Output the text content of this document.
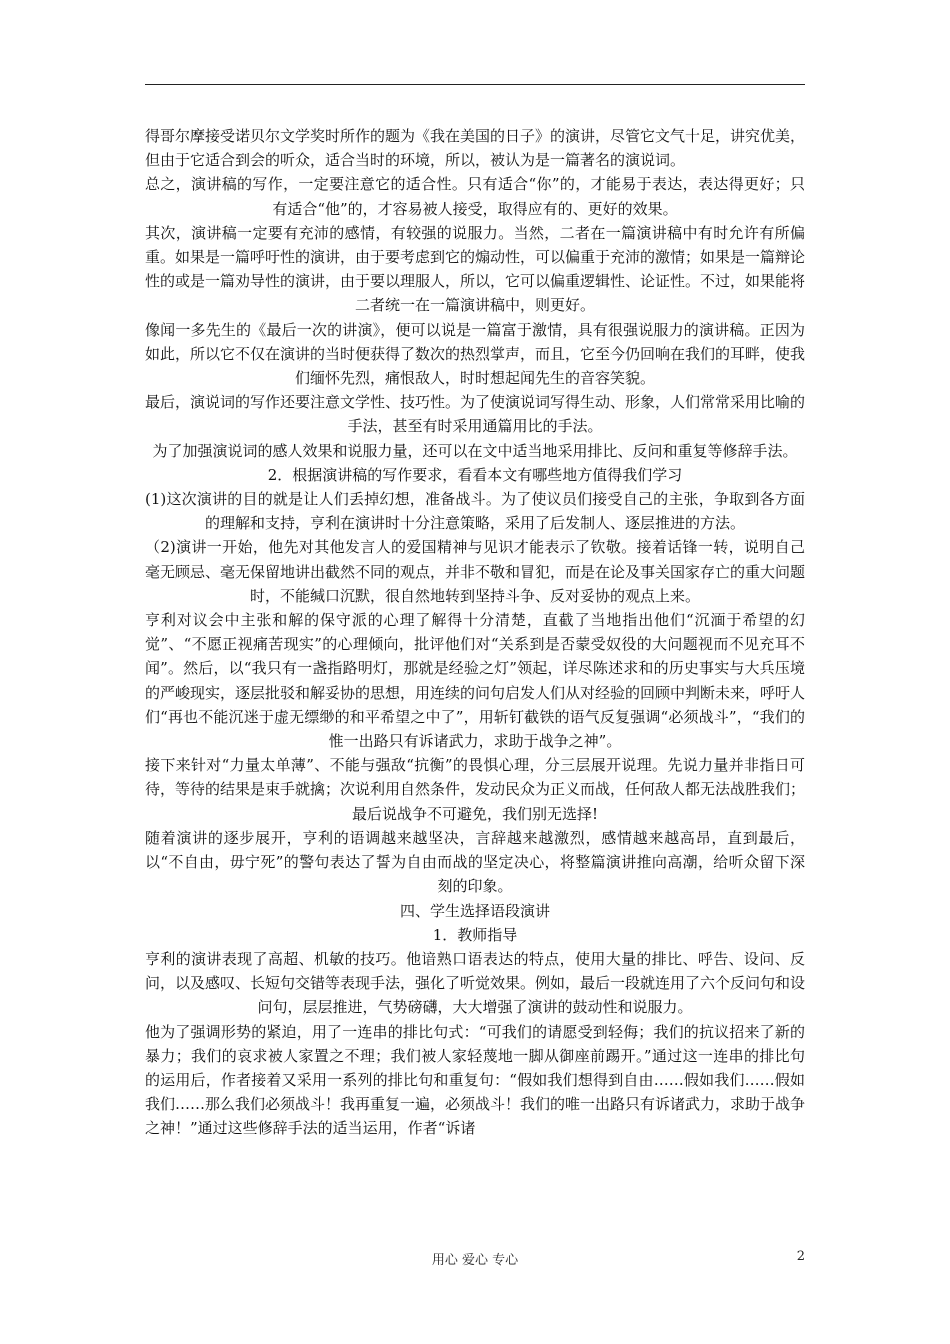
得哥尔摩接受诺贝尔文学奖时所作的题为《我在美国的日子》的演讲，尽管它文气十足，讲究优美，但由于它适合到会的听众，适合当时的环境，所以，被认为是一篇著名的演说词。

总之，演讲稿的写作，一定要注意它的适合性。只有适合“你”的，才能易于表达，表达得更好；只有适合“他”的，才容易被人接受，取得应有的、更好的效果。

其次，演讲稿一定要有充沛的感情，有较强的说服力。当然，二者在一篇演讲稿中有时允许有所偏重。如果是一篇呼吁性的演讲，由于要考虑到它的煽动性，可以偏重于充沛的激情；如果是一篇辩论性的或是一篇劝导性的演讲，由于要以理服人，所以，它可以偏重逻辑性、论证性。不过，如果能将二者统一在一篇演讲稿中，则更好。

像闻一多先生的《最后一次的讲演》，便可以说是一篇富于激情，具有很强说服力的演讲稿。正因为如此，所以它不仅在演讲的当时便获得了数次的热烈掌声，而且，它至今仍回响在我们的耳畔，使我们缅怀先烈，痛恨敌人，时时想起闻先生的音容笑貌。

最后，演说词的写作还要注意文学性、技巧性。为了使演说词写得生动、形象，人们常常采用比喻的手法，甚至有时采用通篇用比的手法。

为了加强演说词的感人效果和说服力量，还可以在文中适当地采用排比、反问和重复等修辞手法。

2．根据演讲稿的写作要求，看看本文有哪些地方值得我们学习

(1)这次演讲的目的就是让人们丢掉幻想，准备战斗。为了使议员们接受自己的主张，争取到各方面的理解和支持，亨利在演讲时十分注意策略，采用了后发制人、逐层推进的方法。

（2)演讲一开始，他先对其他发言人的爱国精神与见识才能表示了钦敬。接着话锋一转，说明自己毫无顾忌、毫无保留地讲出截然不同的观点，并非不敬和冒犯，而是在论及事关国家存亡的重大问题时，不能缄口沉默，很自然地转到坚持斗争、反对妥协的观点上来。

亨利对议会中主张和解的保守派的心理了解得十分清楚，直截了当地指出他们“沉湎于希望的幻觉”、“不愿正视痛苦现实”的心理倾向，批评他们对“关系到是否蒙受奴役的大问题视而不见充耳不闻”。然后，以“我只有一盏指路明灯，那就是经验之灯”领起，详尽陈述求和的历史事实与大兵压境的严峻现实，逐层批驳和解妥协的思想，用连续的问句启发人们从对经验的回顾中判断未来，呼吁人们“再也不能沉迷于虚无缥缈的和平希望之中了”，用斩钉截铁的语气反复强调“必须战斗”，“我们的惟一出路只有诉诸武力，求助于战争之神”。

接下来针对“力量太单薄”、不能与强敌“抗衡”的畏惧心理，分三层展开说理。先说力量并非指日可待，等待的结果是束手就擒；次说利用自然条件，发动民众为正义而战，任何敌人都无法战胜我们；最后说战争不可避免，我们别无选择!

随着演讲的逐步展开，亨利的语调越来越坚决，言辞越来越激烈，感情越来越高昂，直到最后，以“不自由，毋宁死”的警句表达了誓为自由而战的坚定决心，将整篇演讲推向高潮，给听众留下深刻的印象。

四、学生选择语段演讲

1．教师指导

亨利的演讲表现了高超、机敏的技巧。他谙熟口语表达的特点，使用大量的排比、呼告、设问、反问，以及感叹、长短句交错等表现手法，强化了听觉效果。例如，最后一段就连用了六个反问句和设问句，层层推进，气势磅礴，大大增强了演讲的鼓动性和说服力。

他为了强调形势的紧迫，用了一连串的排比句式：“可我们的请愿受到轻侮；我们的抗议招来了新的暴力；我们的哀求被人家置之不理；我们被人家轻蔑地一脚从御座前踢开。”通过这一连串的排比句的运用后，作者接着又采用一系列的排比句和重复句：“假如我们想得到自由……假如我们……假如我们……那么我们必须战斗！我再重复一遍，必须战斗！我们的唯一出路只有诉诸武力，求助于战争之神！”通过这些修辞手法的适当运用，作者“诉诸

用心 爱心 专心	2
